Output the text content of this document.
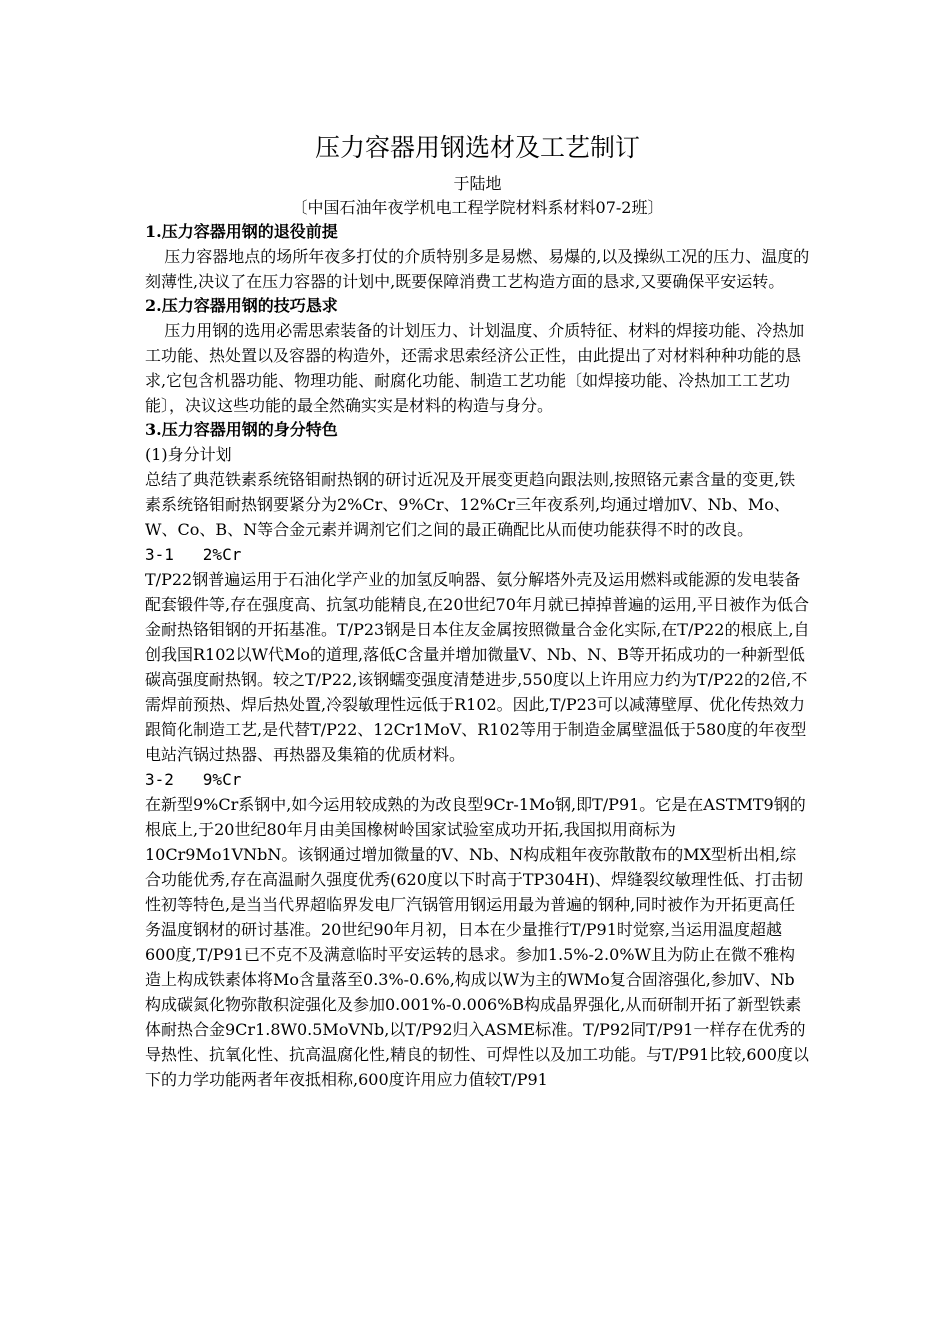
压力容器用钢选材及工艺制订
于陆地
〔中国石油年夜学机电工程学院材料系材料07-2班〕
1.压力容器用钢的退役前提

压力容器地点的场所年夜多打仗的介质特别多是易燃、易爆的,以及操纵工况的压力、温度的刻薄性,决议了在压力容器的计划中,既要保障消费工艺构造方面的恳求,又要确保平安运转。

2.压力容器用钢的技巧恳求

压力用钢的选用必需思索装备的计划压力、计划温度、介质特征、材料的焊接功能、冷热加工功能、热处置以及容器的构造外，还需求思索经济公正性，由此提出了对材料种种功能的恳求,它包含机器功能、物理功能、耐腐化功能、制造工艺功能〔如焊接功能、冷热加工工艺功能〕，决议这些功能的最全然确实实是材料的构造与身分。

3.压力容器用钢的身分特色
(1)身分计划

总结了典范铁素系统铬钼耐热钢的研讨近况及开展变更趋向跟法则,按照铬元素含量的变更,铁素系统铬钼耐热钢要紧分为2%Cr、9%Cr、12%Cr三年夜系列,均通过增加V、Nb、Mo、W、Co、B、N等合金元素并调剂它们之间的最正确配比从而使功能获得不时的改良。

3-1   2%Cr

T/P22钢普遍运用于石油化学产业的加氢反响器、氨分解塔外壳及运用燃料或能源的发电装备配套锻件等,存在强度高、抗氢功能精良,在20世纪70年月就已掉掉普遍的运用,平日被作为低合金耐热铬钼钢的开拓基准。T/P23钢是日本住友金属按照微量合金化实际,在T/P22的根底上,自创我国R102以W代Mo的道理,落低C含量并增加微量V、Nb、N、B等开拓成功的一种新型低碳高强度耐热钢。较之T/P22,该钢蠕变强度清楚进步,550度以上许用应力约为T/P22的2倍,不需焊前预热、焊后热处置,冷裂敏理性远低于R102。因此,T/P23可以减薄壁厚、优化传热效力跟简化制造工艺,是代替T/P22、12Cr1MoV、R102等用于制造金属壁温低于580度的年夜型电站汽锅过热器、再热器及集箱的优质材料。

3-2   9%Cr

在新型9%Cr系钢中,如今运用较成熟的为改良型9Cr-1Mo钢,即T/P91。它是在ASTMT9钢的根底上,于20世纪80年月由美国橡树岭国家试验室成功开拓,我国拟用商标为10Cr9Mo1VNbN。该钢通过增加微量的V、Nb、N构成粗年夜弥散散布的MX型析出相,综合功能优秀,存在高温耐久强度优秀(620度以下时高于TP304H)、焊缝裂纹敏理性低、打击韧性初等特色,是当当代界超临界发电厂汽锅管用钢运用最为普遍的钢种,同时被作为开拓更高任务温度钢材的研讨基准。20世纪90年月初，日本在少量推行T/P91时觉察,当运用温度超越600度,T/P91已不克不及满意临时平安运转的恳求。参加1.5%-2.0%W且为防止在微不雅构造上构成铁素体将Mo含量落至0.3%-0.6%,构成以W为主的WMo复合固溶强化,参加V、Nb构成碳氮化物弥散积淀强化及参加0.001%-0.006%B构成晶界强化,从而研制开拓了新型铁素体耐热合金9Cr1.8W0.5MoVNb,以T/P92归入ASME标准。T/P92同T/P91一样存在优秀的导热性、抗氧化性、抗高温腐化性,精良的韧性、可焊性以及加工功能。与T/P91比较,600度以下的力学功能两者年夜抵相称,600度许用应力值较T/P91
